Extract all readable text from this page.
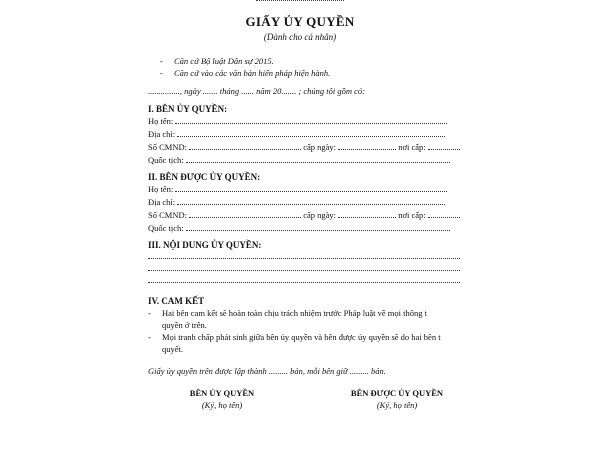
GIẤY ỦY QUYỀN
(Dành cho cá nhân)
- Căn cứ Bộ luật Dân sự 2015.
- Căn cứ vào các văn bản hiến pháp hiện hành.
..............., ngày ....... tháng ...... năm 20....... ; chúng tôi gồm có:
I. BÊN ỦY QUYỀN:
Họ tên:
Địa chỉ:
Số CMND:	cấp ngày:	nơi cấp:
Quốc tịch:
II. BÊN ĐƯỢC ỦY QUYỀN:
Họ tên:
Địa chỉ:
Số CMND:	cấp ngày:	nơi cấp:
Quốc tịch:
III. NỘI DUNG ỦY QUYỀN:
IV. CAM KẾT
- Hai bên cam kết sẽ hoàn toàn chịu trách nhiệm trước Pháp luật về mọi thông t
quyền ở trên.
- Mọi tranh chấp phát sinh giữa bên ủy quyền và bên được ủy quyền sẽ do hai bên t
quyết.
Giấy ủy quyền trên được lập thành ......... bản, mỗi bên giữ ......... bản.
BÊN ỦY QUYỀN
(Ký, họ tên)
BÊN ĐƯỢC ỦY QUYỀN
(Ký, họ tên)
